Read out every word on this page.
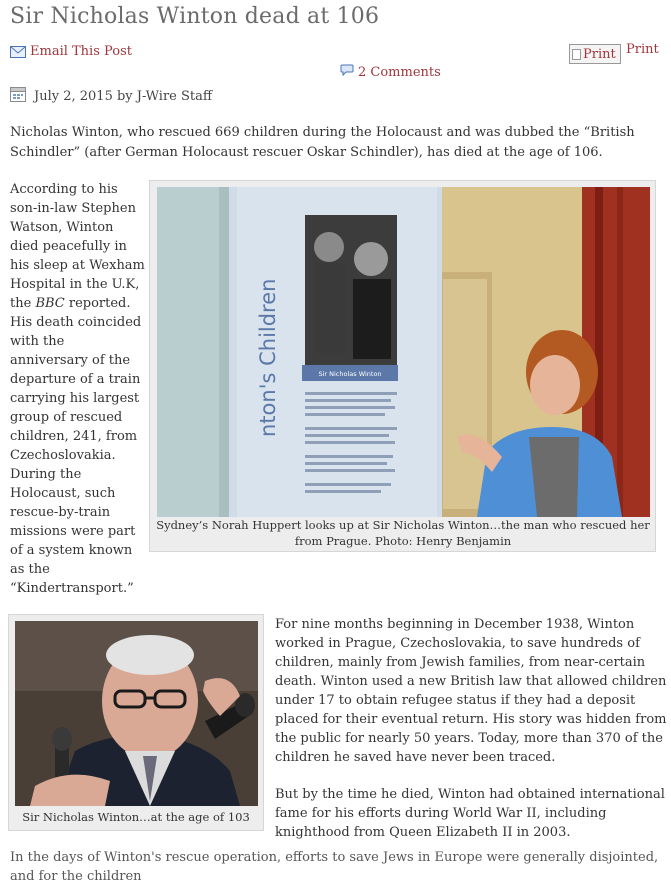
Sir Nicholas Winton dead at 106
Email This Post	Print Print
2 Comments
July 2, 2015 by J-Wire Staff

Nicholas Winton, who rescued 669 children during the Holocaust and was dubbed the “British Schindler” (after German Holocaust rescuer Oskar Schindler), has died at the age of 106.

According to his son-in-law Stephen Watson, Winton died peacefully in his sleep at Wexham Hospital in the U.K, the BBC reported. His death coincided with the anniversary of the departure of a train carrying his largest group of rescued children, 241, from Czechoslovakia. During the Holocaust, such rescue-by-train missions were part of a system known as the “Kindertransport.”

Sir Nicholas Winton
nton's Children
Sydney’s Norah Huppert looks up at Sir Nicholas Winton…the man who rescued her from Prague. Photo: Henry Benjamin
Sir Nicholas Winton…at the age of 103

For nine months beginning in December 1938, Winton worked in Prague, Czechoslovakia, to save hundreds of children, mainly from Jewish families, from near-certain death. Winton used a new British law that allowed children under 17 to obtain refugee status if they had a deposit placed for their eventual return. His story was hidden from the public for nearly 50 years. Today, more than 370 of the children he saved have never been traced.

But by the time he died, Winton had obtained international fame for his efforts during World War II, including knighthood from Queen Elizabeth II in 2003.

In the days of Winton's rescue operation, efforts to save Jews in Europe were generally disjointed, and for the children
